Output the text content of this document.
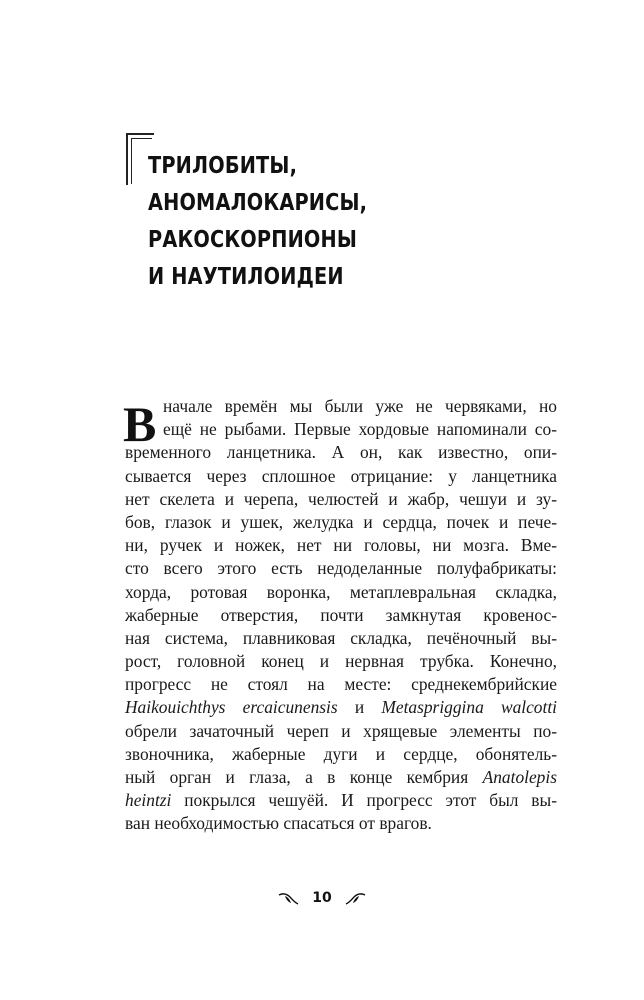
ТРИЛОБИТЫ,
АНОМАЛОКАРИСЫ,
РАКОСКОРПИОНЫ
И НАУТИЛОИДЕИ
В начале времён мы были уже не червяками, но
ещё не рыбами. Первые хордовые напоминали со-
временного ланцетника. А он, как известно, опи-
сывается через сплошное отрицание: у ланцетника
нет скелета и черепа, челюстей и жабр, чешуи и зу-
бов, глазок и ушек, желудка и сердца, почек и пече-
ни, ручек и ножек, нет ни головы, ни мозга. Вме-
сто всего этого есть недоделанные полуфабрикаты:
хорда, ротовая воронка, метаплевральная складка,
жаберные отверстия, почти замкнутая кровенос-
ная система, плавниковая складка, печёночный вы-
рост, головной конец и нервная трубка. Конечно,
прогресс не стоял на месте: среднекембрийские
Haikouichthys ercaicunensis и Metaspriggina walcotti
обрели зачаточный череп и хрящевые элементы по-
звоночника, жаберные дуги и сердце, обонятель-
ный орган и глаза, а в конце кембрия Anatolepis
heintzi покрылся чешуёй. И прогресс этот был вы-
ван необходимостью спасаться от врагов.
10
